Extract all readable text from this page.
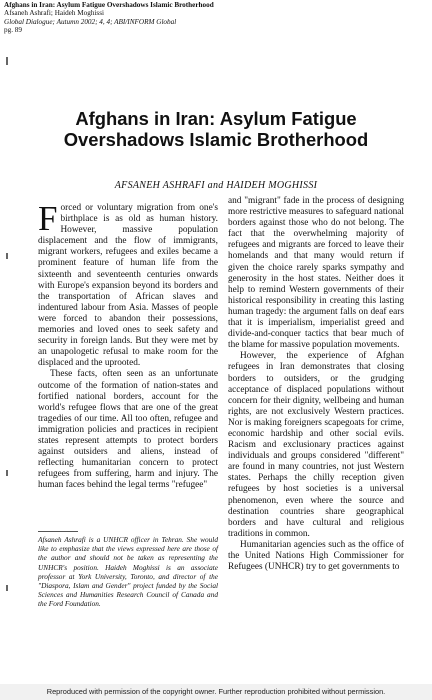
Afghans in Iran: Asylum Fatigue Overshadows Islamic Brotherhood
Afsaneh Ashrafi; Haideh Moghissi
Global Dialogue; Autumn 2002; 4, 4; ABI/INFORM Global
pg. 89
Afghans in Iran: Asylum Fatigue Overshadows Islamic Brotherhood
AFSANEH ASHRAFI and HAIDEH MOGHISSI

Forced or voluntary migration from one's birthplace is as old as human history. However, massive population displacement and the flow of immigrants, migrant workers, refugees and exiles became a prominent feature of human life from the sixteenth and seventeenth centuries onwards with Europe's expansion beyond its borders and the transportation of African slaves and indentured labour from Asia. Masses of people were forced to abandon their possessions, memories and loved ones to seek safety and security in foreign lands. But they were met by an unapologetic refusal to make room for the displaced and the uprooted.

These facts, often seen as an unfortunate outcome of the formation of nation-states and fortified national borders, account for the world's refugee flows that are one of the great tragedies of our time. All too often, refugee and immigration policies and practices in recipient states represent attempts to protect borders against outsiders and aliens, instead of reflecting humanitarian concern to protect refugees from suffering, harm and injury. The human faces behind the legal terms "refugee"

Afsaneh Ashrafi is a UNHCR officer in Tehran. She would like to emphasize that the views expressed here are those of the author and should not be taken as representing the UNHCR's position. Haideh Moghissi is an associate professor at York University, Toronto, and director of the "Diaspora, Islam and Gender" project funded by the Social Sciences and Humanities Research Council of Canada and the Ford Foundation.

and "migrant" fade in the process of designing more restrictive measures to safeguard national borders against those who do not belong. The fact that the overwhelming majority of refugees and migrants are forced to leave their homelands and that many would return if given the choice rarely sparks sympathy and generosity in the host states. Neither does it help to remind Western governments of their historical responsibility in creating this lasting human tragedy: the argument falls on deaf ears that it is imperialism, imperialist greed and divide-and-conquer tactics that bear much of the blame for massive population movements.

However, the experience of Afghan refugees in Iran demonstrates that closing borders to outsiders, or the grudging acceptance of displaced populations without concern for their dignity, wellbeing and human rights, are not exclusively Western practices. Nor is making foreigners scapegoats for crime, economic hardship and other social evils. Racism and exclusionary practices against individuals and groups considered "different" are found in many countries, not just Western states. Perhaps the chilly reception given refugees by host societies is a universal phenomenon, even where the source and destination countries share geographical borders and have cultural and religious traditions in common.

Humanitarian agencies such as the office of the United Nations High Commissioner for Refugees (UNHCR) try to get governments to

Reproduced with permission of the copyright owner. Further reproduction prohibited without permission.
